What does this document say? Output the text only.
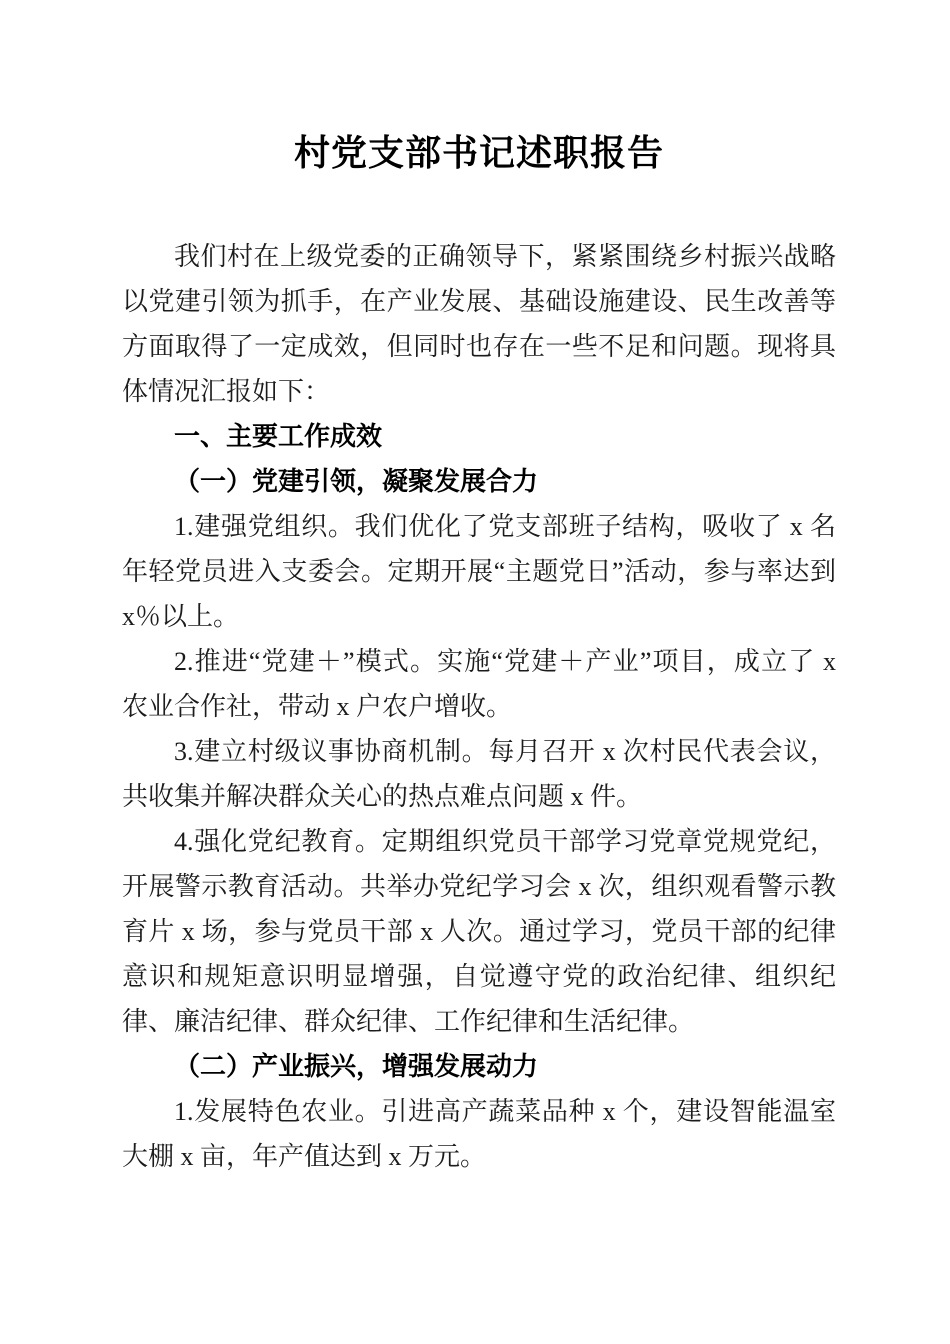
村党支部书记述职报告

我们村在上级党委的正确领导下，紧紧围绕乡村振兴战略以党建引领为抓手，在产业发展、基础设施建设、民生改善等方面取得了一定成效，但同时也存在一些不足和问题。现将具体情况汇报如下：

一、主要工作成效

（一）党建引领，凝聚发展合力

1.建强党组织。我们优化了党支部班子结构，吸收了 x 名年轻党员进入支委会。定期开展“主题党日”活动，参与率达到 x％以上。

2.推进“党建＋”模式。实施“党建＋产业”项目，成立了 x 农业合作社，带动 x 户农户增收。

3.建立村级议事协商机制。每月召开 x 次村民代表会议，共收集并解决群众关心的热点难点问题 x 件。

4.强化党纪教育。定期组织党员干部学习党章党规党纪，开展警示教育活动。共举办党纪学习会 x 次，组织观看警示教育片 x 场，参与党员干部 x 人次。通过学习，党员干部的纪律意识和规矩意识明显增强，自觉遵守党的政治纪律、组织纪律、廉洁纪律、群众纪律、工作纪律和生活纪律。

（二）产业振兴，增强发展动力

1.发展特色农业。引进高产蔬菜品种 x 个，建设智能温室大棚 x 亩，年产值达到 x 万元。
